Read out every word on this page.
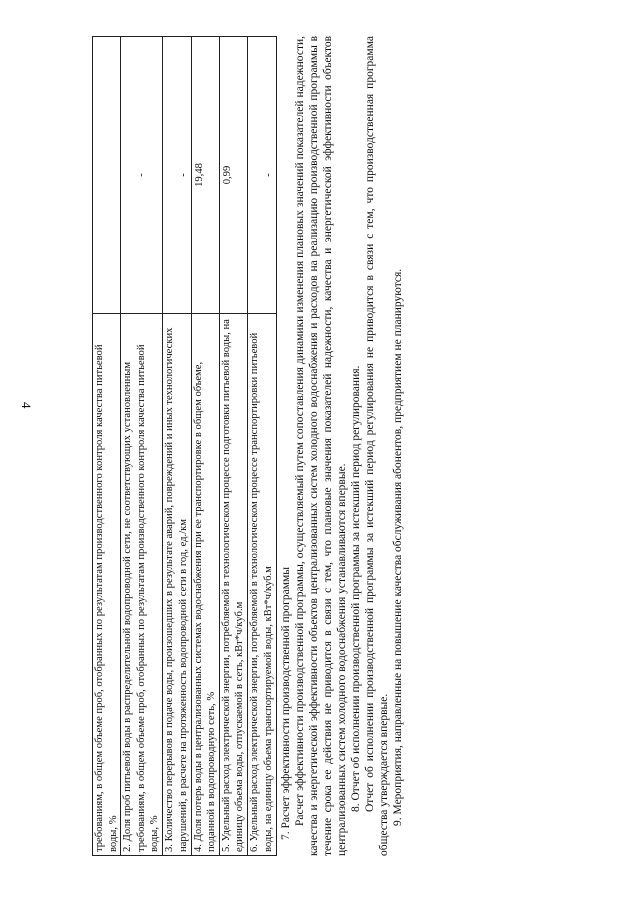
4	требованиям, в общем объеме проб, отобранных по результатам производственного контроля качества питьевой воды, %	
2. Доля проб питьевой воды в распределительной водопроводной сети, не соответствующих установленным требованиям, в общем объеме проб, отобранных по результатам производственного контроля качества питьевой воды, %	-
3. Количество перерывов в подаче воды, произошедших в результате аварий, повреждений и иных технологических нарушений, в расчете на протяженность водопроводной сети в год, ед./км	-
4. Доля потерь воды в централизованных системах водоснабжения при ее транспортировке в общем объеме, поданной в водопроводную сеть, %	19,48
5. Удельный расход электрической энергии, потребляемой в технологическом процессе подготовки питьевой воды, на единицу объема воды, отпускаемой в сеть, кВт*ч/куб.м	0,99
6. Удельный расход электрической энергии, потребляемой в технологическом процессе транспортировки питьевой воды, на единицу объема транспортируемой воды, кВт*ч/куб.м	-

7. Расчет эффективности производственной программы Расчет эффективности производственной программы, осуществляемый путем сопоставления динамики изменения плановых значений показателей надежности, качества и энергетической эффективности объектов централизованных систем холодного водоснабжения и расходов на реализацию производственной программы в течение срока ее действия не приводится в связи с тем, что плановые значения показателей надежности, качества и энергетической эффективности объектов централизованных систем холодного водоснабжения устанавливаются впервые. 8. Отчет об исполнении производственной программы за истекший период регулирования. Отчет об исполнении производственной программы за истекший период регулирования не приводится в связи с тем, что производственная программа общества утверждается впервые. 9. Мероприятия, направленные на повышение качества обслуживания абонентов, предприятием не планируются.
